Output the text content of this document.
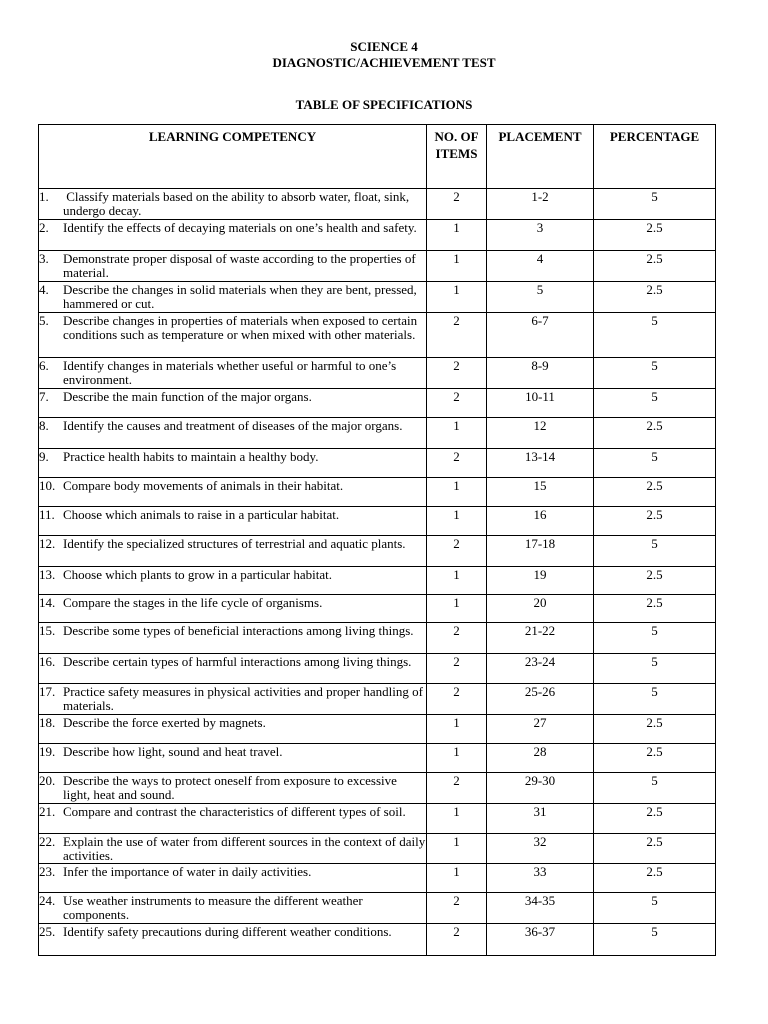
SCIENCE 4
DIAGNOSTIC/ACHIEVEMENT TEST
TABLE OF SPECIFICATIONS
LEARNING COMPETENCY	NO. OF ITEMS	PLACEMENT	PERCENTAGE

1. Classify materials based on the ability to absorb water, float, sink, undergo decay.	2	1-2	5

2. Identify the effects of decaying materials on one’s health and safety.	1	3	2.5

3. Demonstrate proper disposal of waste according to the properties of material.	1	4	2.5

4. Describe the changes in solid materials when they are bent, pressed, hammered or cut.	1	5	2.5

5. Describe changes in properties of materials when exposed to certain conditions such as temperature or when mixed with other materials.	2	6-7	5

6. Identify changes in materials whether useful or harmful to one’s environment.	2	8-9	5

7. Describe the main function of the major organs.	2	10-11	5

8. Identify the causes and treatment of diseases of the major organs.	1	12	2.5

9. Practice health habits to maintain a healthy body.	2	13-14	5

10. Compare body movements of animals in their habitat.	1	15	2.5

11. Choose which animals to raise in a particular habitat.	1	16	2.5

12. Identify the specialized structures of terrestrial and aquatic plants.	2	17-18	5

13. Choose which plants to grow in a particular habitat.	1	19	2.5

14. Compare the stages in the life cycle of organisms.	1	20	2.5

15. Describe some types of beneficial interactions among living things.	2	21-22	5

16. Describe certain types of harmful interactions among living things.	2	23-24	5

17. Practice safety measures in physical activities and proper handling of materials.	2	25-26	5

18. Describe the force exerted by magnets.	1	27	2.5

19. Describe how light, sound and heat travel.	1	28	2.5

20. Describe the ways to protect oneself from exposure to excessive light, heat and sound.	2	29-30	5

21. Compare and contrast the characteristics of different types of soil.	1	31	2.5

22. Explain the use of water from different sources in the context of daily activities.	1	32	2.5

23. Infer the importance of water in daily activities.	1	33	2.5

24. Use weather instruments to measure the different weather components.	2	34-35	5

25. Identify safety precautions during different weather conditions.	2	36-37	5
